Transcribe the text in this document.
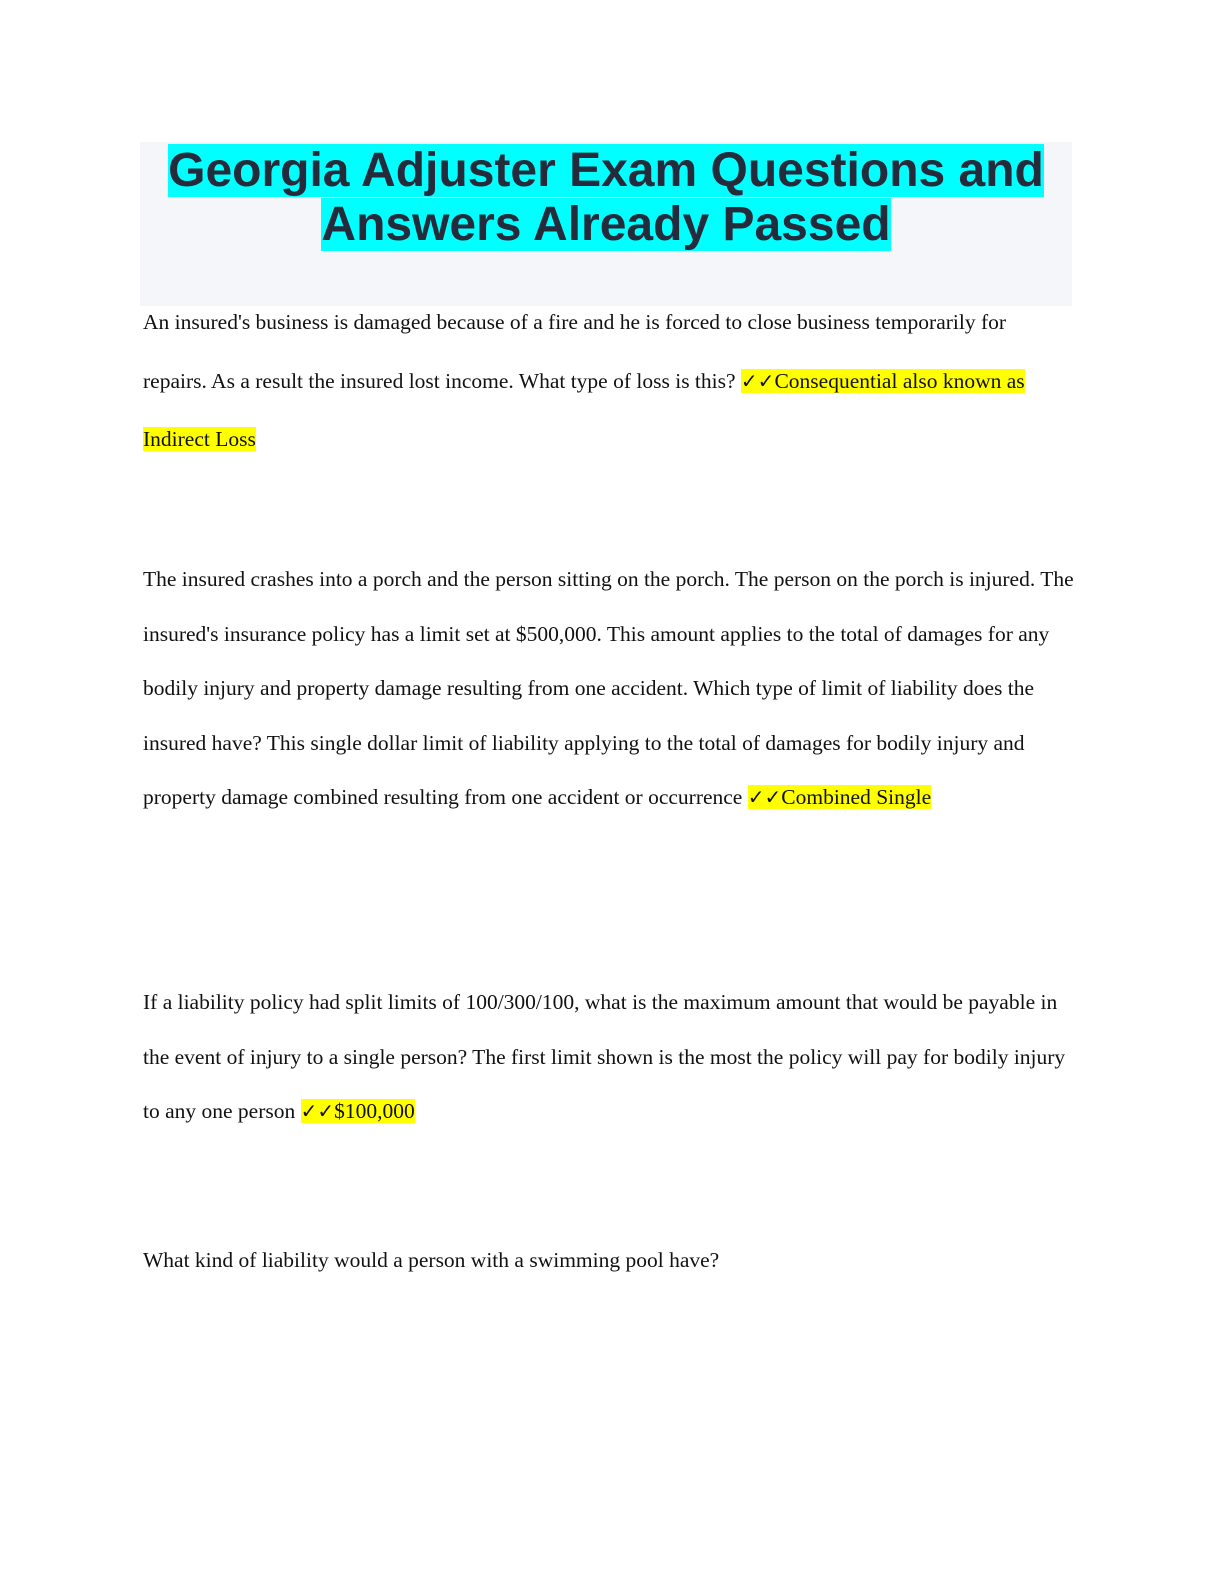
Georgia Adjuster Exam Questions and Answers Already Passed

An insured's business is damaged because of a fire and he is forced to close business temporarily for repairs. As a result the insured lost income. What type of loss is this? ✓✓Consequential also known as Indirect Loss

The insured crashes into a porch and the person sitting on the porch. The person on the porch is injured. The insured's insurance policy has a limit set at $500,000. This amount applies to the total of damages for any bodily injury and property damage resulting from one accident. Which type of limit of liability does the insured have? This single dollar limit of liability applying to the total of damages for bodily injury and property damage combined resulting from one accident or occurrence ✓✓Combined Single

If a liability policy had split limits of 100/300/100, what is the maximum amount that would be payable in the event of injury to a single person? The first limit shown is the most the policy will pay for bodily injury to any one person ✓✓$100,000

What kind of liability would a person with a swimming pool have?
